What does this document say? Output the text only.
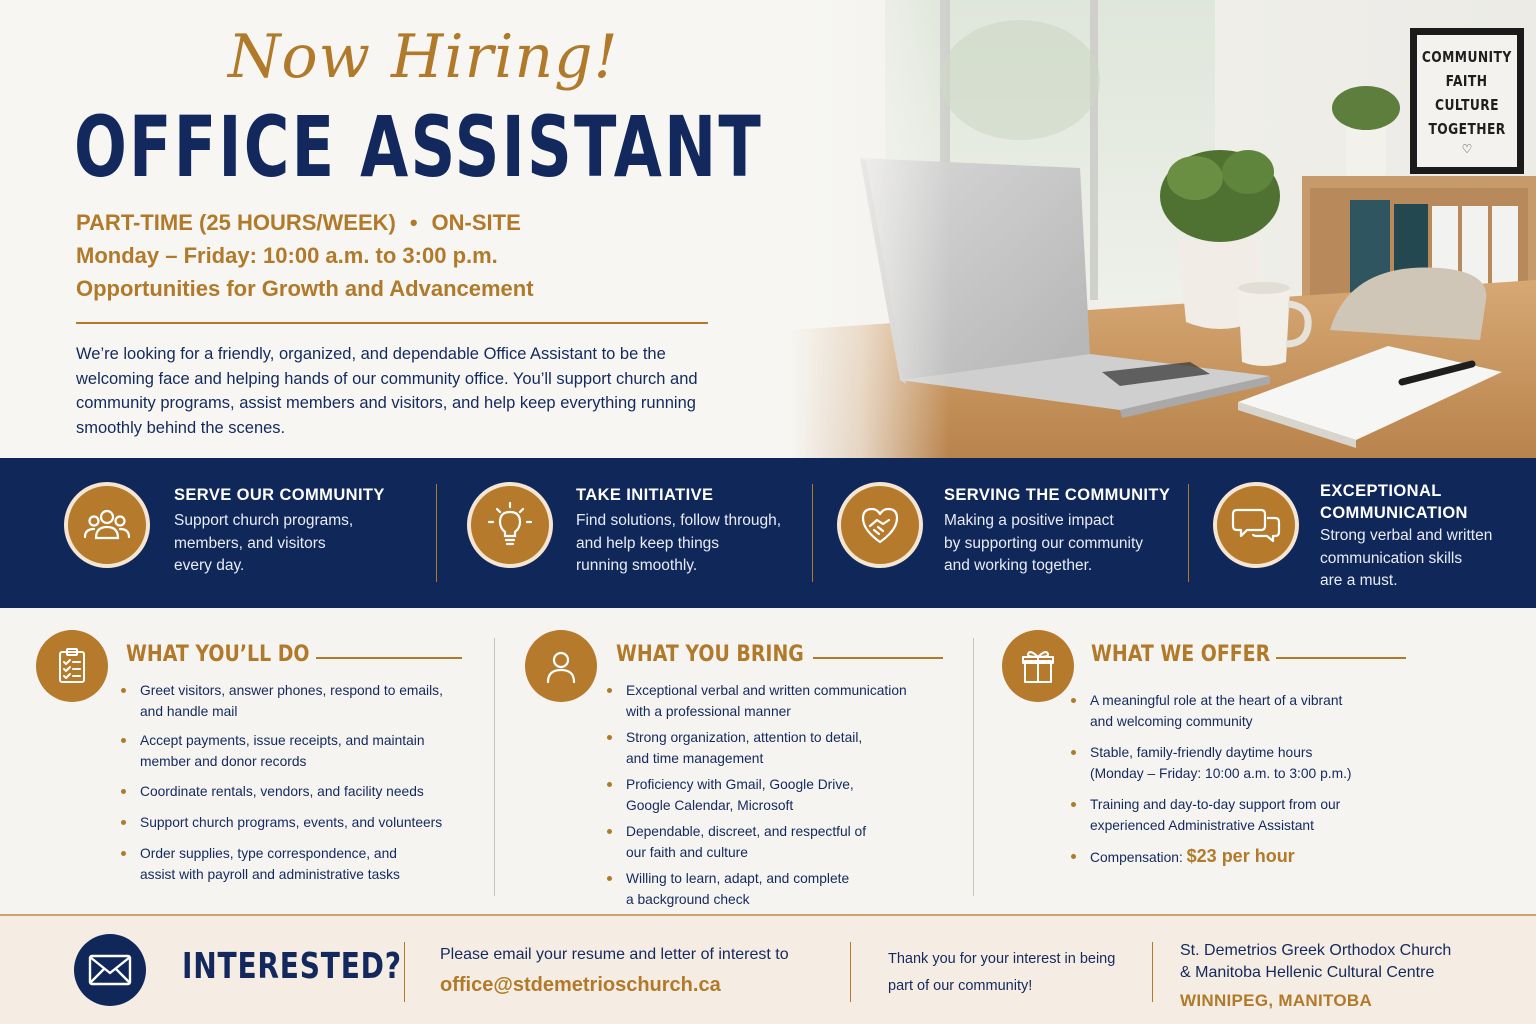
COMMUNITY
FAITH
CULTURE
TOGETHER
♡
Now Hiring!
OFFICE ASSISTANT
PART-TIME (25 HOURS/WEEK) • ON-SITE
Monday – Friday: 10:00 a.m. to 3:00 p.m.
Opportunities for Growth and Advancement

We’re looking for a friendly, organized, and dependable Office Assistant to be the welcoming face and helping hands of our community office. You’ll support church and community programs, assist members and visitors, and help keep everything running smoothly behind the scenes.

SERVE OUR COMMUNITY
Support church programs,
members, and visitors
every day.
TAKE INITIATIVE
Find solutions, follow through,
and help keep things
running smoothly.
SERVING THE COMMUNITY
Making a positive impact
by supporting our community
and working together.
EXCEPTIONAL
COMMUNICATION
Strong verbal and written
communication skills
are a must.
WHAT YOU’LL DO
Greet visitors, answer phones, respond to emails,
and handle mail
Accept payments, issue receipts, and maintain
member and donor records
Coordinate rentals, vendors, and facility needs
Support church programs, events, and volunteers
Order supplies, type correspondence, and
assist with payroll and administrative tasks
WHAT YOU BRING
Exceptional verbal and written communication
with a professional manner
Strong organization, attention to detail,
and time management
Proficiency with Gmail, Google Drive,
Google Calendar, Microsoft
Dependable, discreet, and respectful of
our faith and culture
Willing to learn, adapt, and complete
a background check
WHAT WE OFFER
A meaningful role at the heart of a vibrant
and welcoming community
Stable, family-friendly daytime hours
(Monday – Friday: 10:00 a.m. to 3:00 p.m.)
Training and day-to-day support from our
experienced Administrative Assistant
Compensation: $23 per hour
INTERESTED? Please email your resume and letter of interest to
office@stdemetrioschurch.ca
Thank you for your interest in being
part of our community!
St. Demetrios Greek Orthodox Church
& Manitoba Hellenic Cultural Centre
WINNIPEG, MANITOBA
